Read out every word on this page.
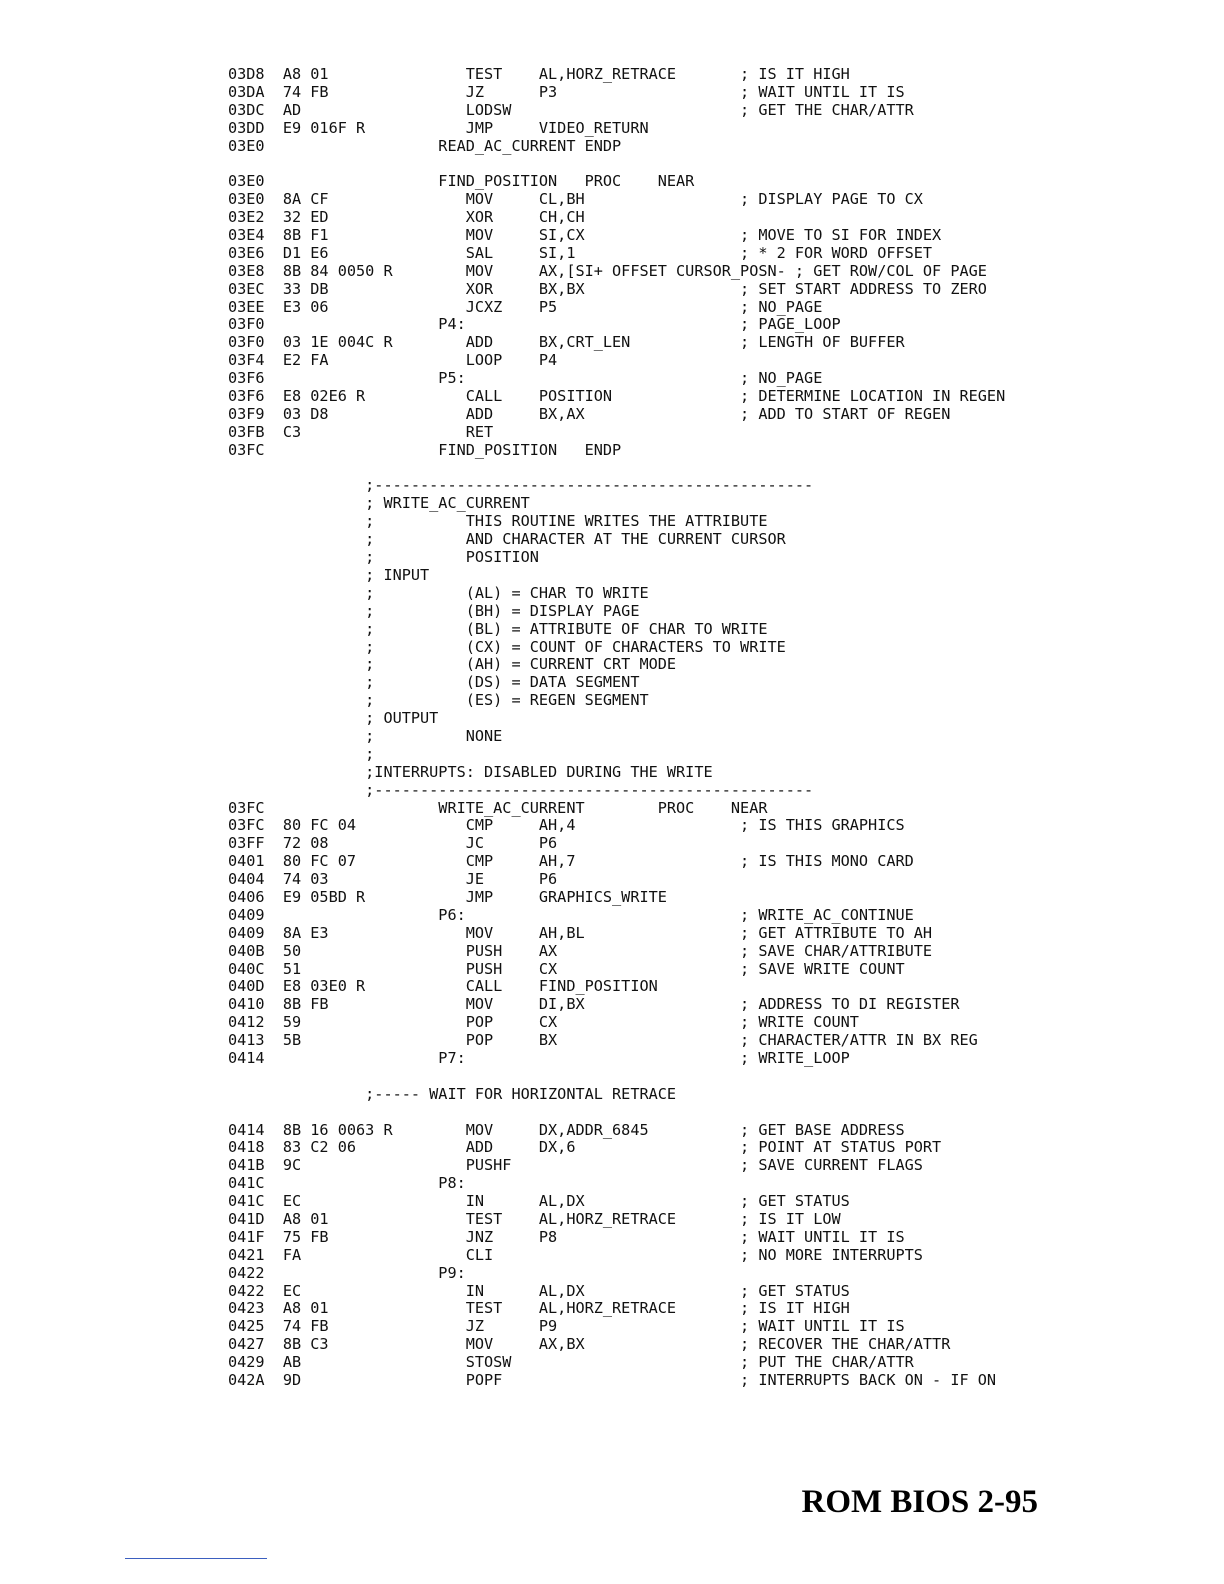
03D8  A8 01               TEST    AL,HORZ_RETRACE       ; IS IT HIGH
03DA  74 FB               JZ      P3                    ; WAIT UNTIL IT IS
03DC  AD                  LODSW                         ; GET THE CHAR/ATTR
03DD  E9 016F R           JMP     VIDEO_RETURN
03E0                   READ_AC_CURRENT ENDP

03E0                   FIND_POSITION   PROC    NEAR
03E0  8A CF               MOV     CL,BH                 ; DISPLAY PAGE TO CX
03E2  32 ED               XOR     CH,CH
03E4  8B F1               MOV     SI,CX                 ; MOVE TO SI FOR INDEX
03E6  D1 E6               SAL     SI,1                  ; * 2 FOR WORD OFFSET
03E8  8B 84 0050 R        MOV     AX,[SI+ OFFSET CURSOR_POSN- ; GET ROW/COL OF PAGE
03EC  33 DB               XOR     BX,BX                 ; SET START ADDRESS TO ZERO
03EE  E3 06               JCXZ    P5                    ; NO_PAGE
03F0                   P4:                              ; PAGE_LOOP
03F0  03 1E 004C R        ADD     BX,CRT_LEN            ; LENGTH OF BUFFER
03F4  E2 FA               LOOP    P4
03F6                   P5:                              ; NO_PAGE
03F6  E8 02E6 R           CALL    POSITION              ; DETERMINE LOCATION IN REGEN
03F9  03 D8               ADD     BX,AX                 ; ADD TO START OF REGEN
03FB  C3                  RET
03FC                   FIND_POSITION   ENDP

;------------------------------------------------
; WRITE_AC_CURRENT
;          THIS ROUTINE WRITES THE ATTRIBUTE
;          AND CHARACTER AT THE CURRENT CURSOR
;          POSITION
; INPUT
;          (AL) = CHAR TO WRITE
;          (BH) = DISPLAY PAGE
;          (BL) = ATTRIBUTE OF CHAR TO WRITE
;          (CX) = COUNT OF CHARACTERS TO WRITE
;          (AH) = CURRENT CRT MODE
;          (DS) = DATA SEGMENT
;          (ES) = REGEN SEGMENT
; OUTPUT
;          NONE
;
;INTERRUPTS: DISABLED DURING THE WRITE
;------------------------------------------------
03FC                   WRITE_AC_CURRENT        PROC    NEAR
03FC  80 FC 04            CMP     AH,4                  ; IS THIS GRAPHICS
03FF  72 08               JC      P6
0401  80 FC 07            CMP     AH,7                  ; IS THIS MONO CARD
0404  74 03               JE      P6
0406  E9 05BD R           JMP     GRAPHICS_WRITE
0409                   P6:                              ; WRITE_AC_CONTINUE
0409  8A E3               MOV     AH,BL                 ; GET ATTRIBUTE TO AH
040B  50                  PUSH    AX                    ; SAVE CHAR/ATTRIBUTE
040C  51                  PUSH    CX                    ; SAVE WRITE COUNT
040D  E8 03E0 R           CALL    FIND_POSITION
0410  8B FB               MOV     DI,BX                 ; ADDRESS TO DI REGISTER
0412  59                  POP     CX                    ; WRITE COUNT
0413  5B                  POP     BX                    ; CHARACTER/ATTR IN BX REG
0414                   P7:                              ; WRITE_LOOP

;----- WAIT FOR HORIZONTAL RETRACE

0414  8B 16 0063 R        MOV     DX,ADDR_6845          ; GET BASE ADDRESS
0418  83 C2 06            ADD     DX,6                  ; POINT AT STATUS PORT
041B  9C                  PUSHF                         ; SAVE CURRENT FLAGS
041C                   P8:
041C  EC                  IN      AL,DX                 ; GET STATUS
041D  A8 01               TEST    AL,HORZ_RETRACE       ; IS IT LOW
041F  75 FB               JNZ     P8                    ; WAIT UNTIL IT IS
0421  FA                  CLI                           ; NO MORE INTERRUPTS
0422                   P9:
0422  EC                  IN      AL,DX                 ; GET STATUS
0423  A8 01               TEST    AL,HORZ_RETRACE       ; IS IT HIGH
0425  74 FB               JZ      P9                    ; WAIT UNTIL IT IS
0427  8B C3               MOV     AX,BX                 ; RECOVER THE CHAR/ATTR
0429  AB                  STOSW                         ; PUT THE CHAR/ATTR
042A  9D                  POPF                          ; INTERRUPTS BACK ON - IF ON
ROM BIOS 2-95
